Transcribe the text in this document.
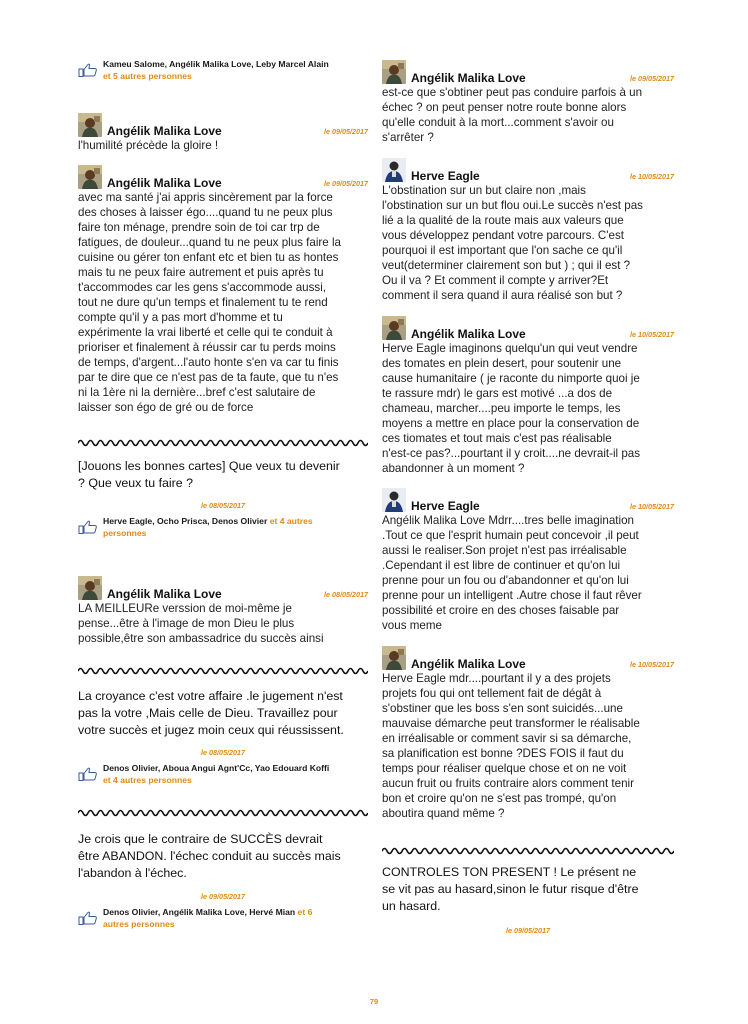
Kameu Salome, Angélik Malika Love, Leby Marcel Alain
et 5 autres personnes
Angélik Malika Love	le 09/05/2017
l'humilité précède la gloire !
Angélik Malika Love	le 09/05/2017
avec ma santé j'ai appris sincèrement par la force
des choses à laisser égo....quand tu ne peux plus
faire ton ménage, prendre soin de toi car trp de
fatigues, de douleur...quand tu ne peux plus faire la
cuisine ou gérer ton enfant etc et bien tu as hontes
mais tu ne peux faire autrement et puis après tu
t'accommodes car les gens s'accommode aussi,
tout ne dure qu'un temps et finalement tu te rend
compte qu'il y a pas mort d'homme et tu
expérimente la vrai liberté et celle qui te conduit à
prioriser et finalement à réussir car tu perds moins
de temps, d'argent...l'auto honte s'en va car tu finis
par te dire que ce n'est pas de ta faute, que tu n'es
ni la 1ère ni la dernière...bref c'est salutaire de
laisser son égo de gré ou de force
[Jouons les bonnes cartes] Que veux tu devenir
? Que veux tu faire ?
le 08/05/2017
Herve Eagle, Ocho Prisca, Denos Olivier et 4 autres
personnes
Angélik Malika Love	le 08/05/2017
LA MEILLEURe verssion de moi-même je
pense...être à l'image de mon Dieu le plus
possible,être son ambassadrice du succès ainsi
La croyance c'est votre affaire .le jugement n'est
pas la votre ,Mais celle de Dieu. Travaillez pour
votre succès et jugez moin ceux qui réussissent.
le 08/05/2017
Denos Olivier, Aboua Angui Agnt'Cc, Yao Edouard Koffi
et 4 autres personnes
Je crois que le contraire de SUCCÈS devrait
être ABANDON. l'échec conduit au succès mais
l'abandon à l'échec.
le 09/05/2017
Denos Olivier, Angélik Malika Love, Hervé Mian et 6
autres personnes
Angélik Malika Love	le 09/05/2017
est-ce que s'obtiner peut pas conduire parfois à un
échec ? on peut penser notre route bonne alors
qu'elle conduit à la mort...comment s'avoir ou
s'arrêter ?
Herve Eagle	le 10/05/2017
L'obstination sur un but claire non ,mais
l'obstination sur un but flou oui.Le succès n'est pas
lié a la qualité de la route mais aux valeurs que
vous développez pendant votre parcours. C'est
pourquoi il est important que l'on sache ce qu'il
veut(determiner clairement son but ) ; qui il est ?
Ou il va ? Et comment il compte y arriver?Et
comment il sera quand il aura réalisé son but ?
Angélik Malika Love	le 10/05/2017
Herve Eagle imaginons quelqu'un qui veut vendre
des tomates en plein desert, pour soutenir une
cause humanitaire ( je raconte du nimporte quoi je
te rassure mdr) le gars est motivé ...a dos de
chameau, marcher....peu importe le temps, les
moyens a mettre en place pour la conservation de
ces tiomates et tout mais c'est pas réalisable
n'est-ce pas?...pourtant il y croit....ne devrait-il pas
abandonner à un moment ?
Herve Eagle	le 10/05/2017
Angélik Malika Love Mdrr....tres belle imagination
.Tout ce que l'esprit humain peut concevoir ,il peut
aussi le realiser.Son projet n'est pas irréalisable
.Cependant il est libre de continuer et qu'on lui
prenne pour un fou ou d'abandonner et qu'on lui
prenne pour un intelligent .Autre chose il faut rêver
possibilité et croire en des choses faisable par
vous meme
Angélik Malika Love	le 10/05/2017
Herve Eagle mdr....pourtant il y a des projets
projets fou qui ont tellement fait de dégât à
s'obstiner que les boss s'en sont suicidés...une
mauvaise démarche peut transformer le réalisable
en irréalisable or comment savir si sa démarche,
sa planification est bonne ?DES FOIS il faut du
temps pour réaliser quelque chose et on ne voit
aucun fruit ou fruits contraire alors comment tenir
bon et croire qu'on ne s'est pas trompé, qu'on
aboutira quand même ?
CONTROLES TON PRESENT ! Le présent ne
se vit pas au hasard,sinon le futur risque d'être
un hasard.
le 09/05/2017
79
